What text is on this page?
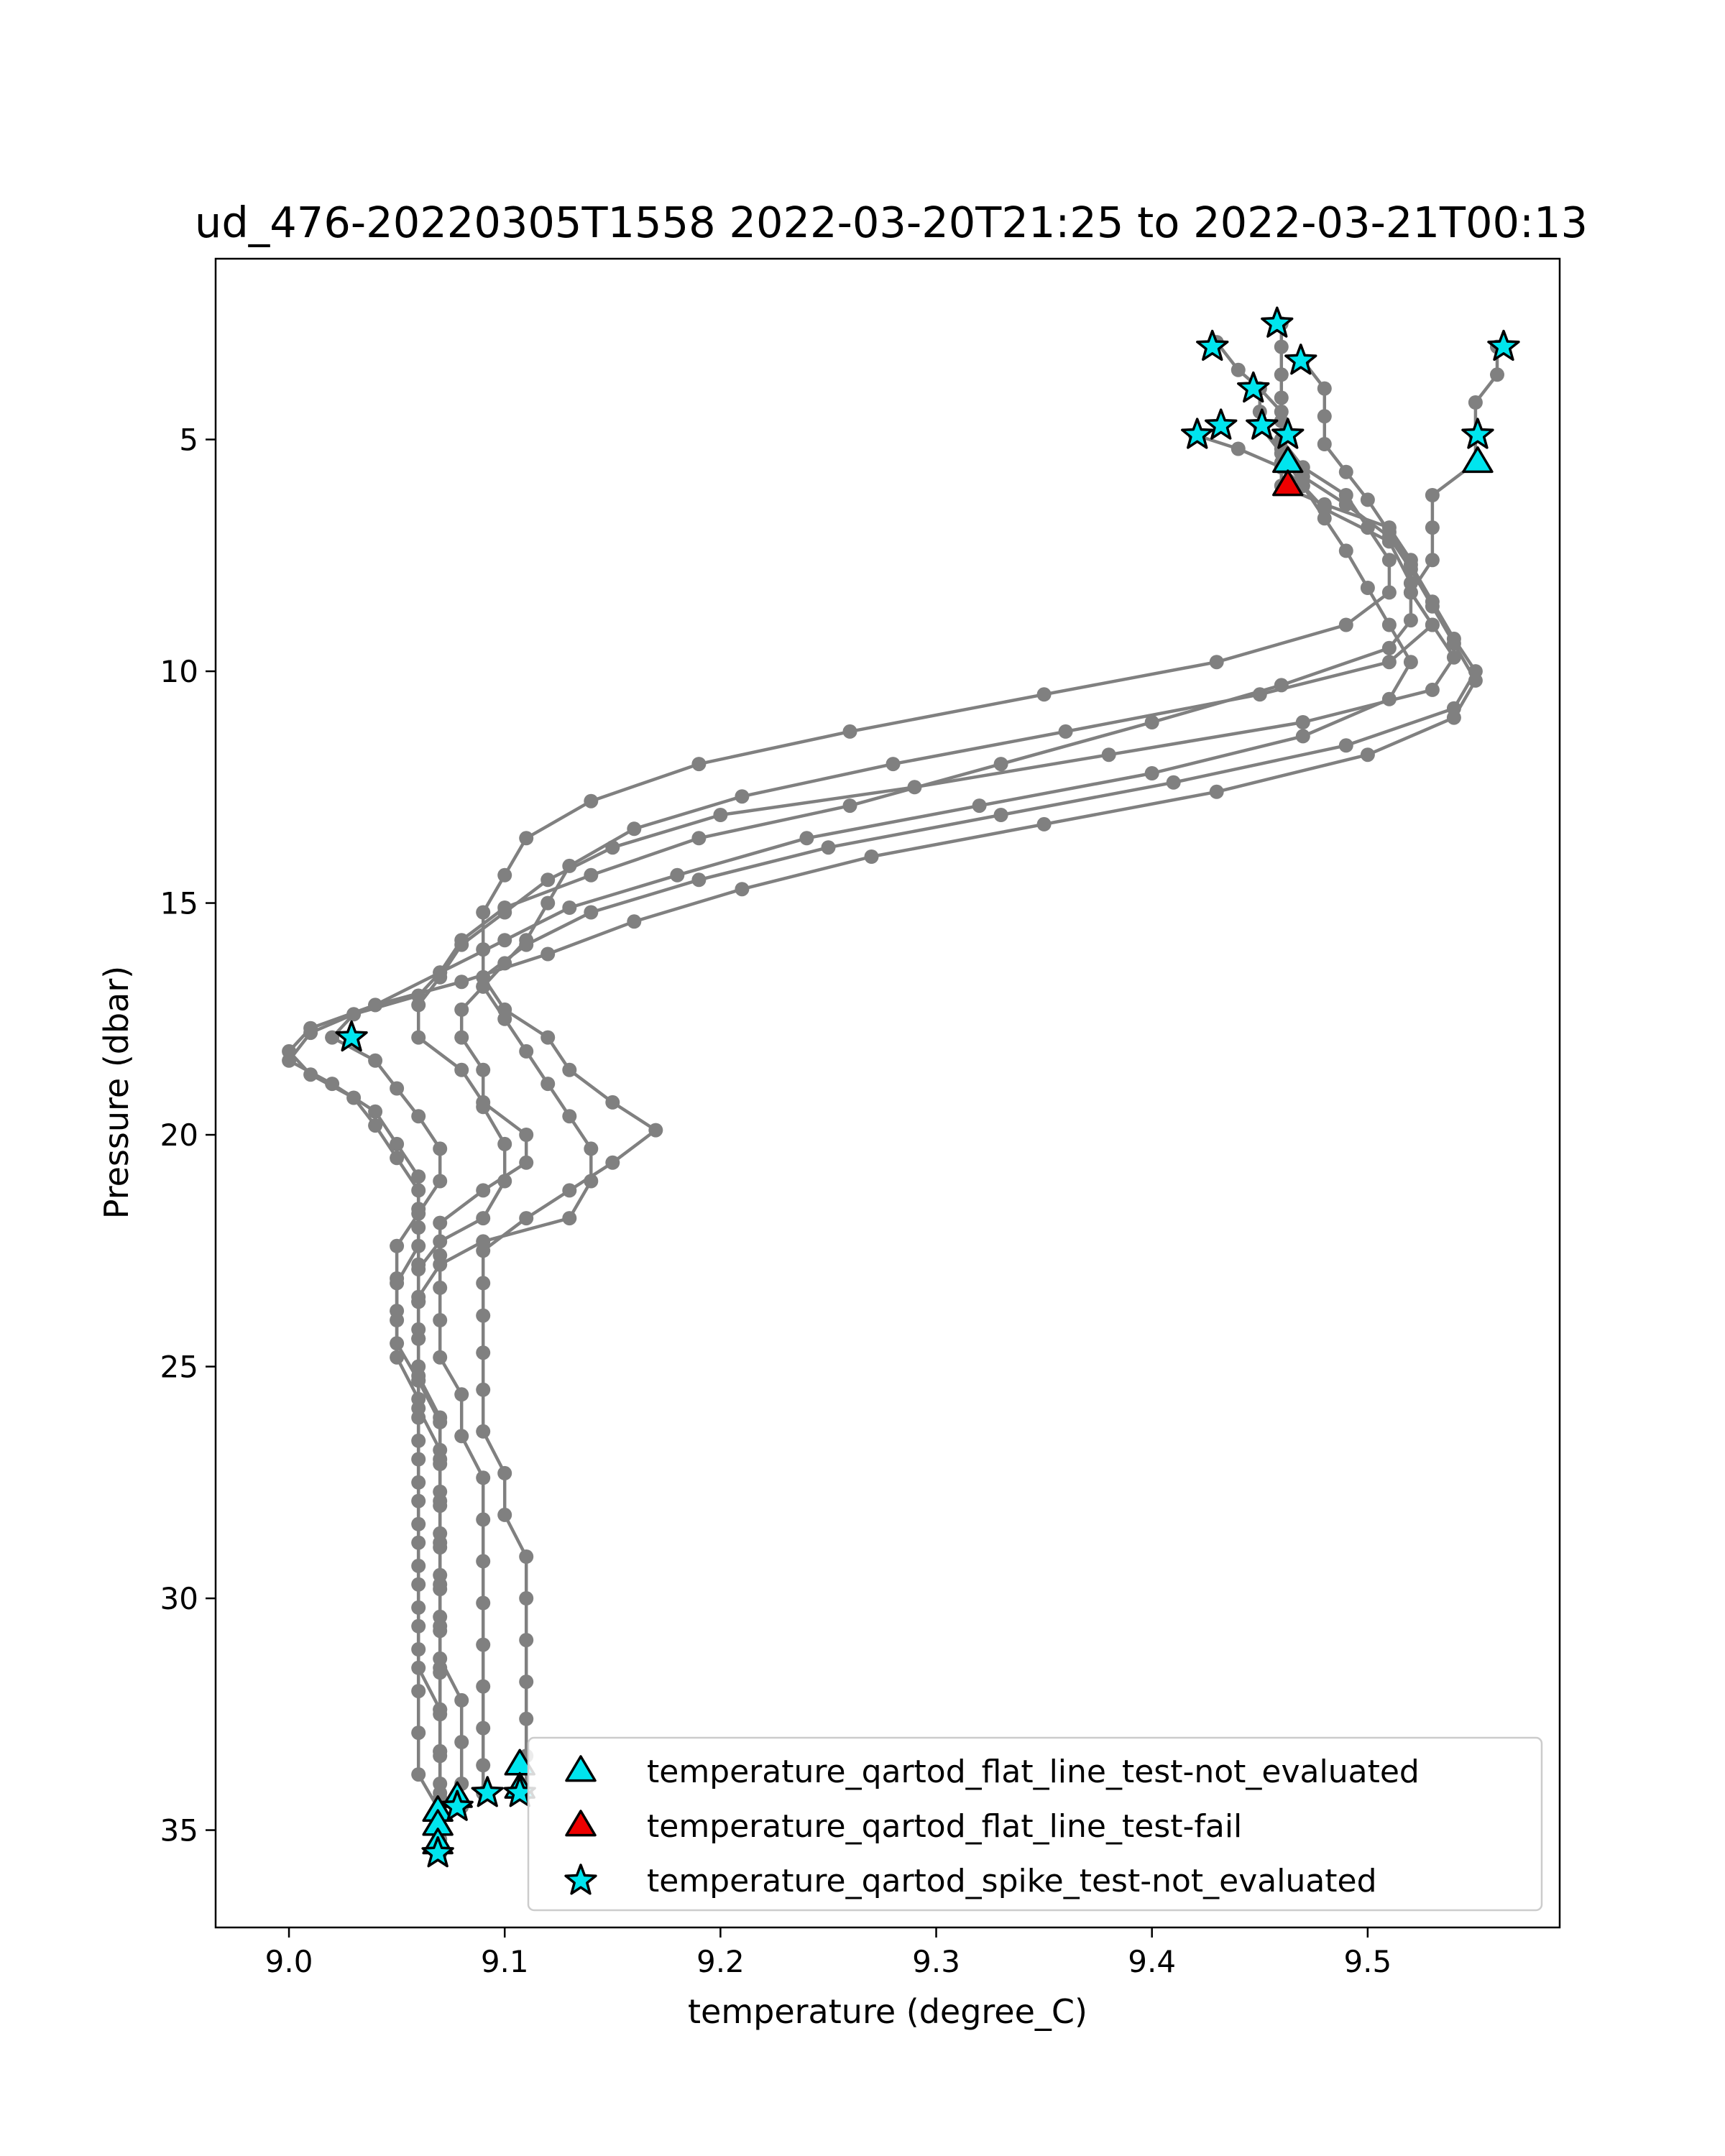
ud_476-20220305T1558 2022-03-20T21:25 to 2022-03-21T00:13
9.0	9.1	9.2	9.3	9.4	9.5
5
10
15
20
25
30
35
temperature (degree_C)
Pressure (dbar)
temperature_qartod_flat_line_test-not_evaluated
temperature_qartod_flat_line_test-fail
temperature_qartod_spike_test-not_evaluated
